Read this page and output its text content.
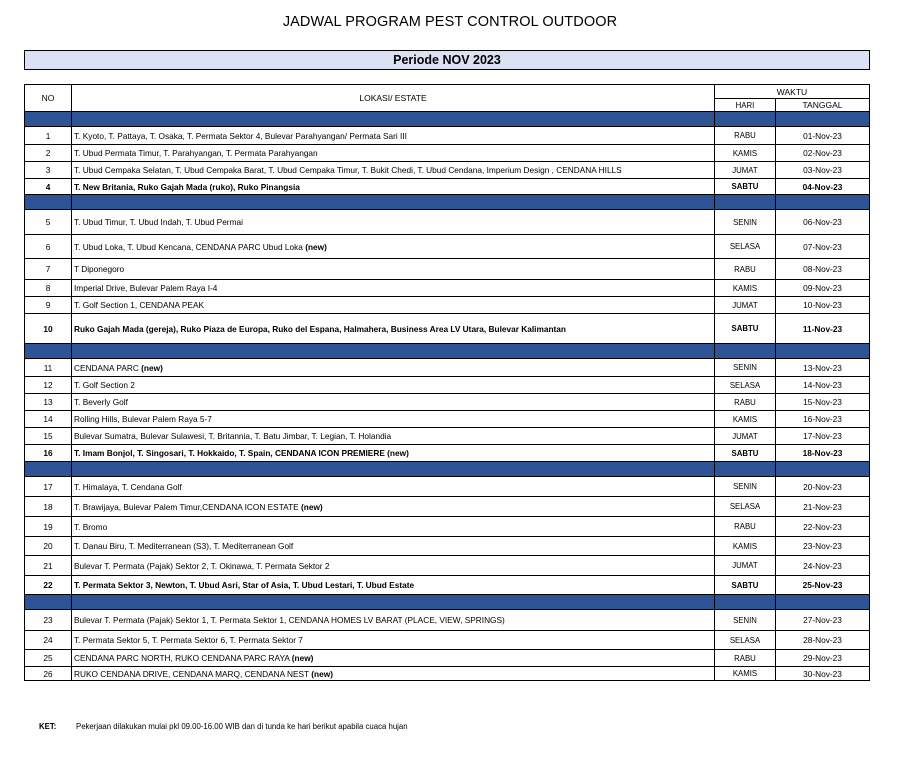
JADWAL PROGRAM PEST CONTROL OUTDOOR
Periode NOV 2023
NO	LOKASI/ ESTATE	WAKTU	
		HARI	TANGGAL

1	T. Kyoto, T. Pattaya, T. Osaka, T. Permata Sektor 4, Bulevar Parahyangan/ Permata Sari III	RABU	01-Nov-23
2	T. Ubud Permata Timur, T. Parahyangan, T. Permata Parahyangan	KAMIS	02-Nov-23
3	T. Ubud Cempaka Selatan, T. Ubud Cempaka Barat, T. Ubud Cempaka Timur, T. Bukit Chedi, T. Ubud Cendana, Imperium Design , CENDANA HILLS	JUMAT	03-Nov-23
4	T. New Britania, Ruko Gajah Mada (ruko), Ruko Pinangsia	SABTU	04-Nov-23

5	T. Ubud Timur, T. Ubud Indah, T. Ubud Permai	SENIN	06-Nov-23
6	T. Ubud Loka, T. Ubud Kencana, CENDANA PARC Ubud Loka (new)	SELASA	07-Nov-23
7	T Diponegoro	RABU	08-Nov-23
8	Imperial Drive, Bulevar Palem Raya I-4	KAMIS	09-Nov-23
9	T. Golf Section 1, CENDANA PEAK	JUMAT	10-Nov-23
10	Ruko Gajah Mada (gereja), Ruko Piaza de Europa, Ruko del Espana, Halmahera, Business Area LV Utara, Bulevar Kalimantan	SABTU	11-Nov-23

11	CENDANA PARC (new)	SENIN	13-Nov-23
12	T. Golf Section 2	SELASA	14-Nov-23
13	T. Beverly Golf	RABU	15-Nov-23
14	Rolling Hills, Bulevar Palem Raya 5-7	KAMIS	16-Nov-23
15	Bulevar Sumatra, Bulevar Sulawesi, T. Britannia, T. Batu Jimbar, T. Legian, T. Holandia	JUMAT	17-Nov-23
16	T. Imam Bonjol, T. Singosari, T. Hokkaido, T. Spain, CENDANA ICON PREMIERE (new)	SABTU	18-Nov-23

17	T. Himalaya, T. Cendana Golf	SENIN	20-Nov-23
18	T. Brawijaya, Bulevar Palem Timur,CENDANA ICON ESTATE (new)	SELASA	21-Nov-23
19	T. Bromo	RABU	22-Nov-23
20	T. Danau Biru, T. Mediterranean (S3), T. Mediterranean Golf	KAMIS	23-Nov-23
21	Bulevar T. Permata (Pajak) Sektor 2, T. Okinawa, T. Permata Sektor 2	JUMAT	24-Nov-23
22	T. Permata Sektor 3, Newton, T. Ubud Asri, Star of Asia, T. Ubud Lestari, T. Ubud Estate	SABTU	25-Nov-23

23	Bulevar T. Permata (Pajak) Sektor 1, T. Permata Sektor 1, CENDANA HOMES LV BARAT (PLACE, VIEW, SPRINGS)	SENIN	27-Nov-23
24	T. Permata Sektor 5, T. Permata Sektor 6, T. Permata Sektor 7	SELASA	28-Nov-23
25	CENDANA PARC NORTH, RUKO CENDANA PARC RAYA (new)	RABU	29-Nov-23
26	RUKO CENDANA DRIVE, CENDANA MARQ, CENDANA NEST (new)	KAMIS	30-Nov-23
KET:	Pekerjaan dilakukan mulai pkl 09.00-16.00 WIB dan di tunda ke hari berikut apabila cuaca hujan
